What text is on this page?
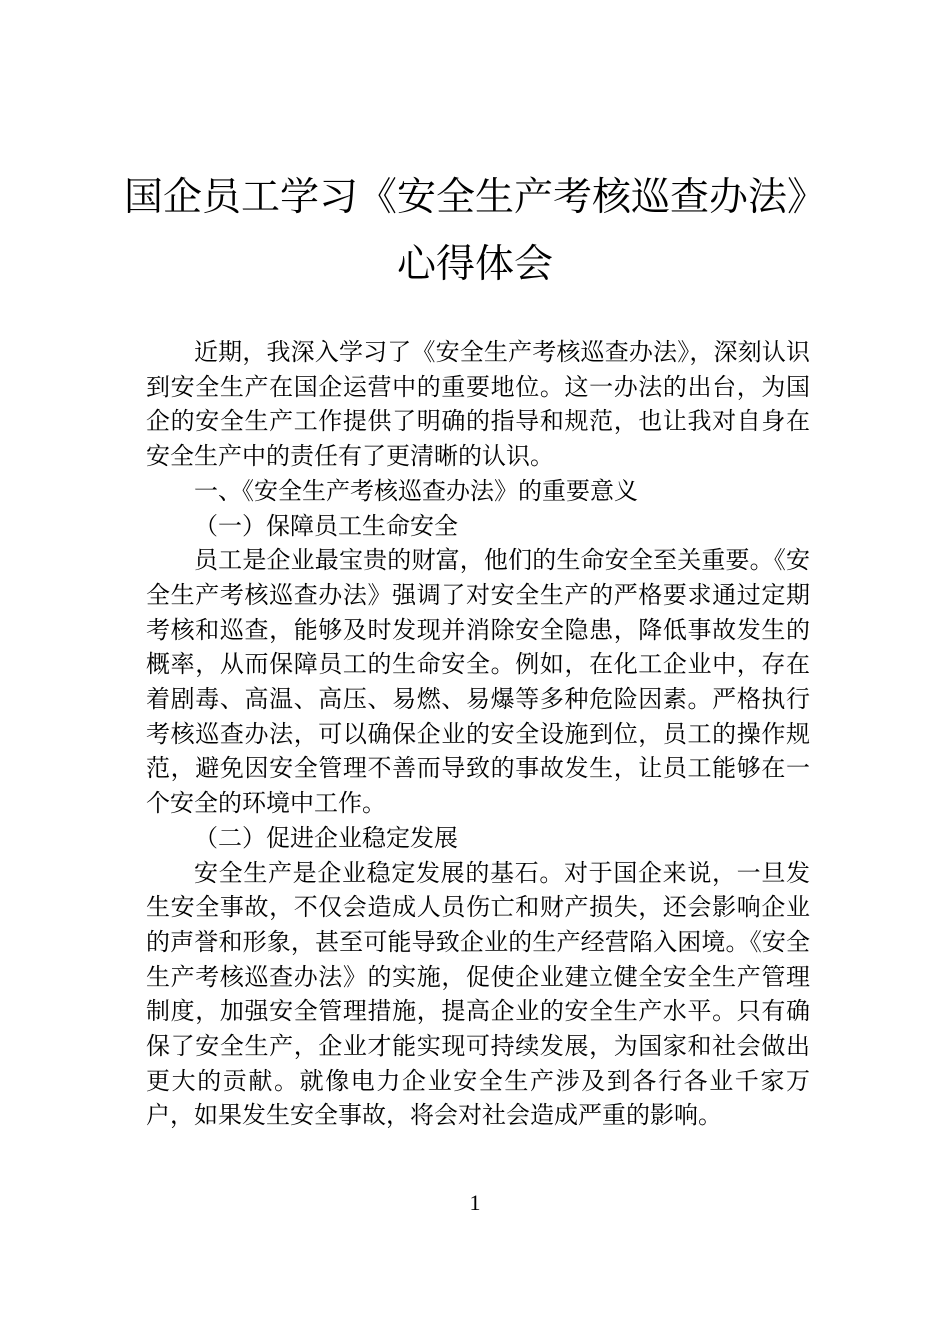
国企员工学习《安全生产考核巡查办法》
心得体会

近期，我深入学习了《安全生产考核巡查办法》，深刻认识到安全生产在国企运营中的重要地位。这一办法的出台，为国企的安全生产工作提供了明确的指导和规范，也让我对自身在安全生产中的责任有了更清晰的认识。

一、《安全生产考核巡查办法》的重要意义

（一）保障员工生命安全

员工是企业最宝贵的财富，他们的生命安全至关重要。《安全生产考核巡查办法》强调了对安全生产的严格要求通过定期考核和巡查，能够及时发现并消除安全隐患，降低事故发生的概率，从而保障员工的生命安全。例如，在化工企业中，存在着剧毒、高温、高压、易燃、易爆等多种危险因素。严格执行考核巡查办法，可以确保企业的安全设施到位，员工的操作规范，避免因安全管理不善而导致的事故发生，让员工能够在一个安全的环境中工作。

（二）促进企业稳定发展

安全生产是企业稳定发展的基石。对于国企来说，一旦发生安全事故，不仅会造成人员伤亡和财产损失，还会影响企业的声誉和形象，甚至可能导致企业的生产经营陷入困境。《安全生产考核巡查办法》的实施，促使企业建立健全安全生产管理制度，加强安全管理措施，提高企业的安全生产水平。只有确保了安全生产，企业才能实现可持续发展，为国家和社会做出更大的贡献。就像电力企业安全生产涉及到各行各业千家万户，如果发生安全事故，将会对社会造成严重的影响。

1
